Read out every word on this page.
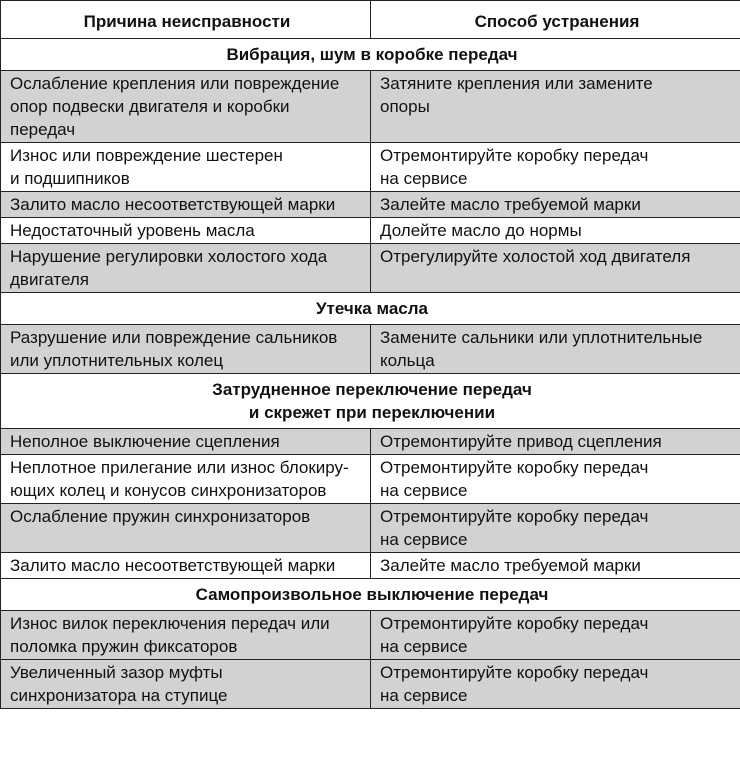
Причина неисправности	Способ устранения

Вибрация, шум в коробке передач	

Ослабление крепления или повреждение
опор подвески двигателя и коробки
передач	Затяните крепления или замените
опоры

Износ или повреждение шестерен
и подшипников	Отремонтируйте коробку передач
на сервисе

Залито масло несоответствующей марки	Залейте масло требуемой марки

Недостаточный уровень масла	Долейте масло до нормы

Нарушение регулировки холостого хода
двигателя	Отрегулируйте холостой ход двигателя

Утечка масла	

Разрушение или повреждение сальников
или уплотнительных колец	Замените сальники или уплотнительные
кольца

Затрудненное переключение передач
и скрежет при переключении	

Неполное выключение сцепления	Отремонтируйте привод сцепления

Неплотное прилегание или износ блокиру-
ющих колец и конусов синхронизаторов	Отремонтируйте коробку передач
на сервисе

Ослабление пружин синхронизаторов	Отремонтируйте коробку передач
на сервисе

Залито масло несоответствующей марки	Залейте масло требуемой марки

Самопроизвольное выключение передач	

Износ вилок переключения передач или
поломка пружин фиксаторов	Отремонтируйте коробку передач
на сервисе

Увеличенный зазор муфты
синхронизатора на ступице	Отремонтируйте коробку передач
на сервисе
